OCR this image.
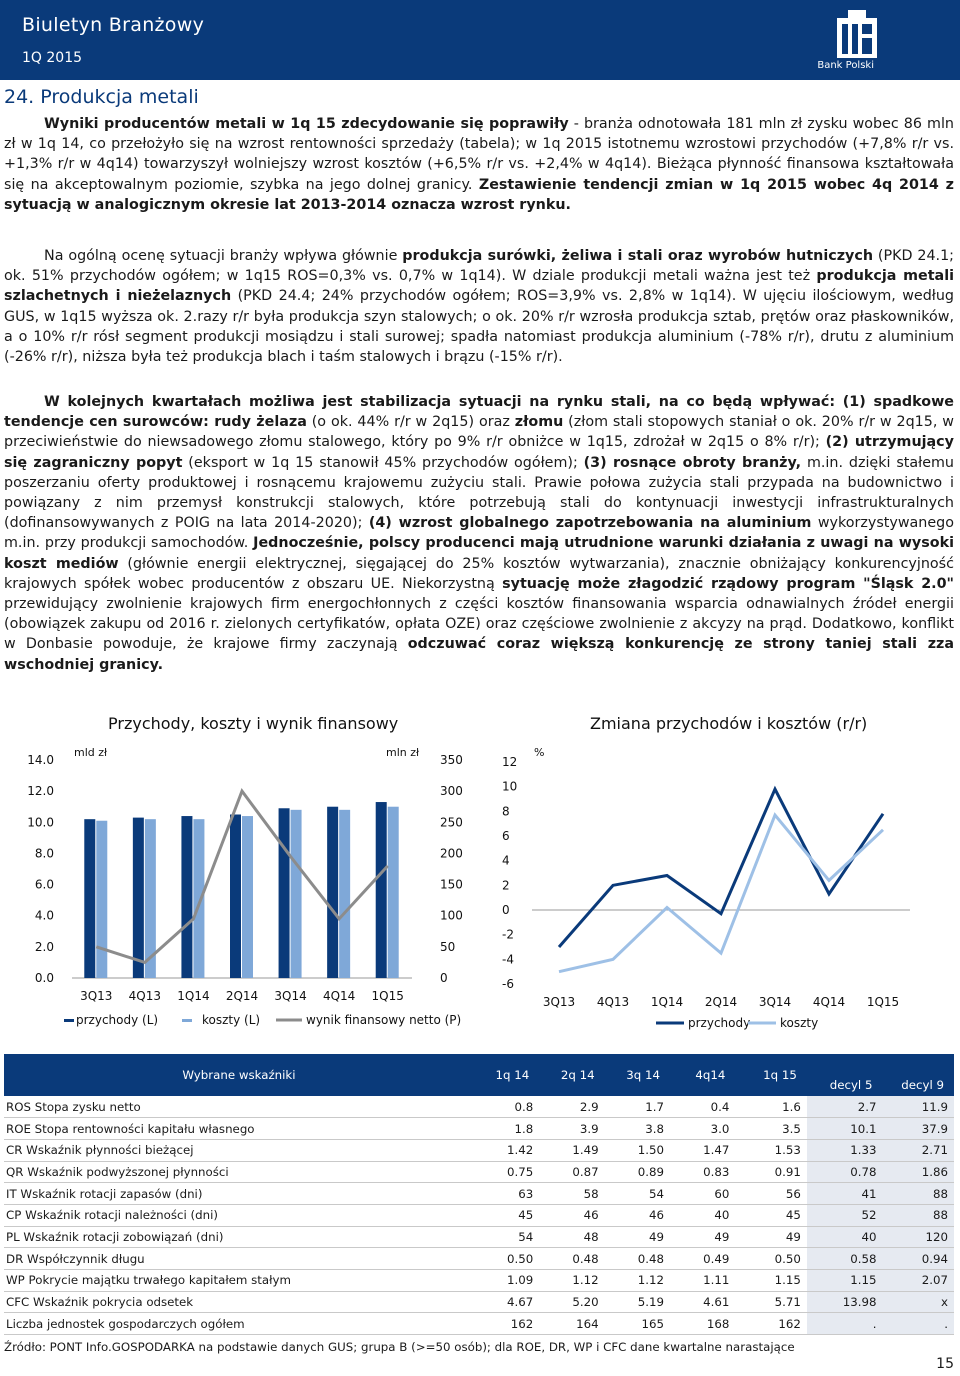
Biuletyn Branżowy
1Q 2015	Bank Polski
24. Produkcja metali
Wyniki producentów metali w 1q 15 zdecydowanie się poprawiły - branża odnotowała 181 mln zł zysku wobec 86 mln zł w 1q 14, co przełożyło się na wzrost rentowności sprzedaży (tabela); w 1q 2015 istotnemu wzrostowi przychodów (+7,8% r/r vs. +1,3% r/r w 4q14) towarzyszył wolniejszy wzrost kosztów (+6,5% r/r vs. +2,4% w 4q14). Bieżąca płynność finansowa kształtowała się na akceptowalnym poziomie, szybka na jego dolnej granicy. Zestawienie tendencji zmian w 1q 2015 wobec 4q 2014 z sytuacją w analogicznym okresie lat 2013-2014 oznacza wzrost rynku.
Na ogólną ocenę sytuacji branży wpływa głównie produkcja surówki, żeliwa i stali oraz wyrobów hutniczych (PKD 24.1; ok. 51% przychodów ogółem; w 1q15 ROS=0,3% vs. 0,7% w 1q14). W dziale produkcji metali ważna jest też produkcja metali szlachetnych i nieżelaznych (PKD 24.4; 24% przychodów ogółem; ROS=3,9% vs. 2,8% w 1q14). W ujęciu ilościowym, według GUS, w 1q15 wyższa ok. 2.razy r/r była produkcja szyn stalowych; o ok. 20% r/r wzrosła produkcja sztab, prętów oraz płaskowników, a o 10% r/r rósł segment produkcji mosiądzu i stali surowej; spadła natomiast produkcja aluminium (-78% r/r), drutu z aluminium (-26% r/r), niższa była też produkcja blach i taśm stalowych i brązu (-15% r/r).
W kolejnych kwartałach możliwa jest stabilizacja sytuacji na rynku stali, na co będą wpływać: (1) spadkowe tendencje cen surowców: rudy żelaza (o ok. 44% r/r w 2q15) oraz złomu (złom stali stopowych staniał o ok. 20% r/r w 2q15, w przeciwieństwie do niewsadowego złomu stalowego, który po 9% r/r obniżce w 1q15, zdrożał w 2q15 o 8% r/r); (2) utrzymujący się zagraniczny popyt (eksport w 1q 15 stanowił 45% przychodów ogółem); (3) rosnące obroty branży, m.in. dzięki stałemu poszerzaniu oferty produktowej i rosnącemu krajowemu zużyciu stali. Prawie połowa zużycia stali przypada na budownictwo i powiązany z nim przemysł konstrukcji stalowych, które potrzebują stali do kontynuacji inwestycji infrastrukturalnych (dofinansowywanych z POIG na lata 2014-2020); (4) wzrost globalnego zapotrzebowania na aluminium wykorzystywanego m.in. przy produkcji samochodów. Jednocześnie, polscy producenci mają utrudnione warunki działania z uwagi na wysoki koszt mediów (głównie energii elektrycznej, sięgającej do 25% kosztów wytwarzania), znacznie obniżający konkurencyjność krajowych spółek wobec producentów z obszaru UE. Niekorzystną sytuację może złagodzić rządowy program "Śląsk 2.0" przewidujący zwolnienie krajowych firm energochłonnych z części kosztów finansowania wsparcia odnawialnych źródeł energii (obowiązek zakupu od 2016 r. zielonych certyfikatów, opłata OZE) oraz częściowe zwolnienie z akcyzy na prąd. Dodatkowo, konflikt w Donbasie powoduje, że krajowe firmy zaczynają odczuwać coraz większą konkurencję ze strony taniej stali zza wschodniej granicy.
Przychody, koszty i wynik finansowy	Zmiana przychodów i kosztów (r/r)
mld zł	mln zł
0.0
2.0
4.0
6.0
8.0
10.0
12.0
14.0
0
50
100
150
200
250
300
350
3Q13 4Q13 1Q14 2Q14 3Q14 4Q14 1Q15
przychody (L)	koszty (L)	wynik finansowy netto (P)
%
-6
-4
-2
0
2
4
6
8
10
12
3Q13 4Q13 1Q14 2Q14 3Q14 4Q14 1Q15
przychody koszty
Wybrane wskaźniki	1q 14	2q 14	3q 14	4q14	1q 15	decyl 5	decyl 9
ROS Stopa zysku netto	0.8	2.9	1.7	0.4	1.6	2.7	11.9
ROE Stopa rentowności kapitału własnego	1.8	3.9	3.8	3.0	3.5	10.1	37.9
CR Wskaźnik płynności bieżącej	1.42	1.49	1.50	1.47	1.53	1.33	2.71
QR Wskaźnik podwyższonej płynności	0.75	0.87	0.89	0.83	0.91	0.78	1.86
IT Wskaźnik rotacji zapasów (dni)	63	58	54	60	56	41	88
CP Wskaźnik rotacji należności (dni)	45	46	46	40	45	52	88
PL Wskaźnik rotacji zobowiązań (dni)	54	48	49	49	49	40	120
DR Współczynnik długu	0.50	0.48	0.48	0.49	0.50	0.58	0.94
WP Pokrycie majątku trwałego kapitałem stałym	1.09	1.12	1.12	1.11	1.15	1.15	2.07
CFC Wskaźnik pokrycia odsetek	4.67	5.20	5.19	4.61	5.71	13.98	x
Liczba jednostek gospodarczych ogółem	162	164	165	168	162	.	.
Źródło: PONT Info.GOSPODARKA na podstawie danych GUS; grupa B (>=50 osób); dla ROE, DR, WP i CFC dane kwartalne narastające
15
